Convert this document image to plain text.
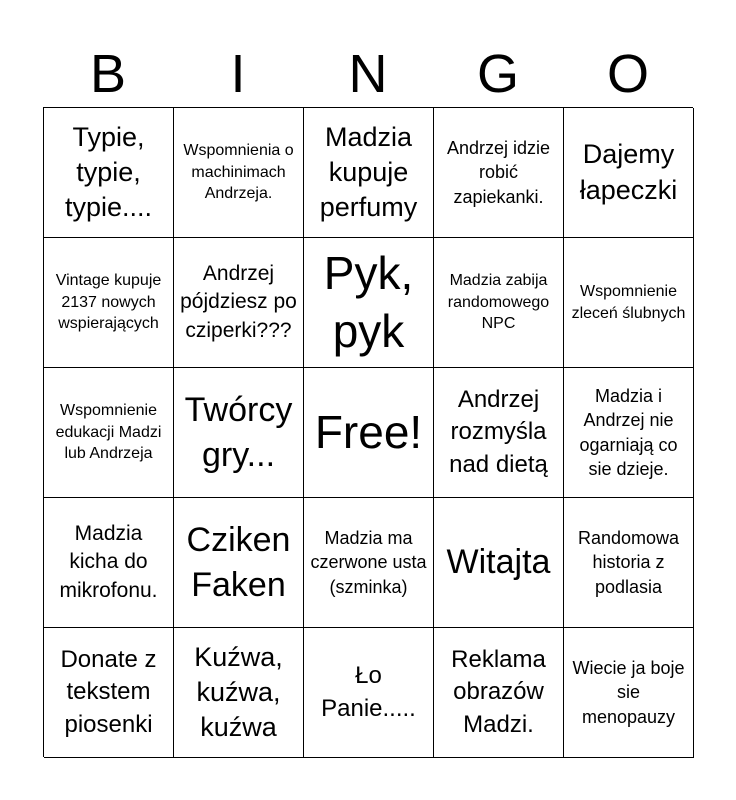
B	I	N	G	O
Typie, typie, typie....
Wspomnienia o machinimach Andrzeja.
Madzia kupuje perfumy
Andrzej idzie robić zapiekanki.
Dajemy łapeczki
Vintage kupuje 2137 nowych wspierających
Andrzej pójdziesz po cziperki???
Pyk, pyk
Madzia zabija randomowego NPC
Wspomnienie zleceń ślubnych
Wspomnienie edukacji Madzi lub Andrzeja
Twórcy gry... Free!
Andrzej rozmyśla nad dietą
Madzia i Andrzej nie ogarniają co sie dzieje.
Madzia kicha do mikrofonu.
Cziken Faken
Madzia ma czerwone usta (szminka)
Witajta
Randomowa historia z podlasia
Donate z tekstem piosenki
Kuźwa, kuźwa, kuźwa
Ło Panie.....
Reklama obrazów Madzi.
Wiecie ja boje sie menopauzy
